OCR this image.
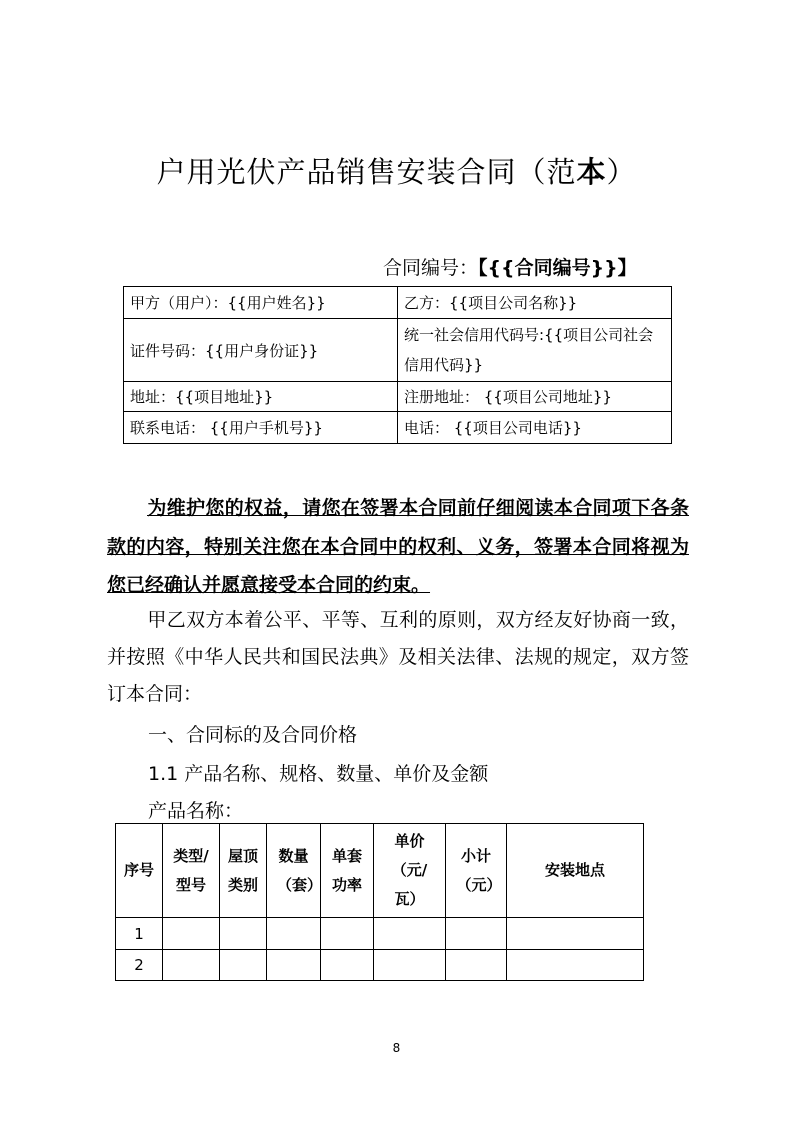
户用光伏产品销售安装合同（范本）
合同编号：【{{合同编号}}】
甲方（用户）：{{用户姓名}}	乙方：{{项目公司名称}}
证件号码：{{用户身份证}}	统一社会信用代码号:{{项目公司社会信用代码}}
地址：{{项目地址}}	注册地址： {{项目公司地址}}
联系电话： {{用户手机号}}	电话： {{项目公司电话}}
为维护您的权益，请您在签署本合同前仔细阅读本合同项下各条款的内容，特别关注您在本合同中的权利、义务，签署本合同将视为您已经确认并愿意接受本合同的约束。
甲乙双方本着公平、平等、互利的原则，双方经友好协商一致，并按照《中华人民共和国民法典》及相关法律、法规的规定，双方签订本合同：
一、合同标的及合同价格
1.1 产品名称、规格、数量、单价及金额
产品名称：
序号	类型/型号	屋顶类别	数量（套）	单套功率	单价（元/瓦）	小计（元）	安装地点
1							
2							
8
